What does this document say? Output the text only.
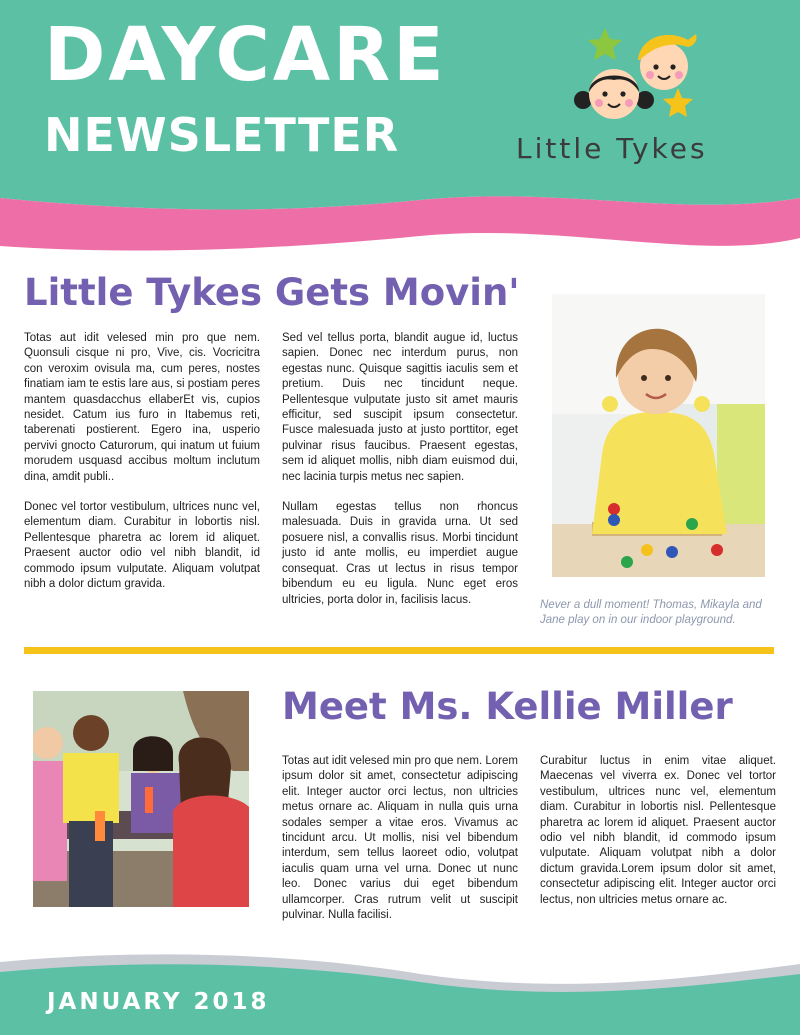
DAYCARE
NEWSLETTER	Little Tykes
Little Tykes Gets Movin'

Totas aut idit velesed min pro que nem. Quonsuli cisque ni pro, Vive, cis. Vocricitra con veroxim ovisula ma, cum peres, nostes finatiam iam te estis lare aus, si postiam peres mantem quasdacchus ellaberEt vis, cupios nesidet. Catum ius furo in Itabemus reti, taberenati postierent. Egero ina, usperio pervivi gnocto Caturorum, qui inatum ut fuium morudem usquasd accibus moltum inclutum dina, amdit publi..

Donec vel tortor vestibulum, ultrices nunc vel, elementum diam. Curabitur in lobortis nisl. Pellentesque pharetra ac lorem id aliquet. Praesent auctor odio vel nibh blandit, id commodo ipsum vulputate. Aliquam volutpat nibh a dolor dictum gravida.

Sed vel tellus porta, blandit augue id, luctus sapien. Donec nec interdum purus, non egestas nunc. Quisque sagittis iaculis sem et pretium. Duis nec tincidunt neque. Pellentesque vulputate justo sit amet mauris efficitur, sed suscipit ipsum consectetur. Fusce malesuada justo at justo porttitor, eget pulvinar risus faucibus. Praesent egestas, sem id aliquet mollis, nibh diam euismod dui, nec lacinia turpis metus nec sapien.

Nullam egestas tellus non rhoncus malesuada. Duis in gravida urna. Ut sed posuere nisl, a convallis risus. Morbi tincidunt justo id ante mollis, eu imperdiet augue consequat. Cras ut lectus in risus tempor bibendum eu eu ligula. Nunc eget eros ultricies, porta dolor in, facilisis lacus.	Never a dull moment! Thomas, Mikayla and Jane play on in our indoor playground.
Meet Ms. Kellie Miller

Totas aut idit velesed min pro que nem. Lorem ipsum dolor sit amet, consectetur adipiscing elit. Integer auctor orci lectus, non ultricies metus ornare ac. Aliquam in nulla quis urna sodales semper a vitae eros. Vivamus ac tincidunt arcu. Ut mollis, nisi vel bibendum interdum, sem tellus laoreet odio, volutpat iaculis quam urna vel urna. Donec ut nunc leo. Donec varius dui eget bibendum ullamcorper. Cras rutrum velit ut suscipit pulvinar. Nulla facilisi.

Curabitur luctus in enim vitae aliquet. Maecenas vel viverra ex. Donec vel tortor vestibulum, ultrices nunc vel, elementum diam. Curabitur in lobortis nisl. Pellentesque pharetra ac lorem id aliquet. Praesent auctor odio vel nibh blandit, id commodo ipsum vulputate. Aliquam volutpat nibh a dolor dictum gravida.Lorem ipsum dolor sit amet, consectetur adipiscing elit. Integer auctor orci lectus, non ultricies metus ornare ac.

JANUARY 2018
